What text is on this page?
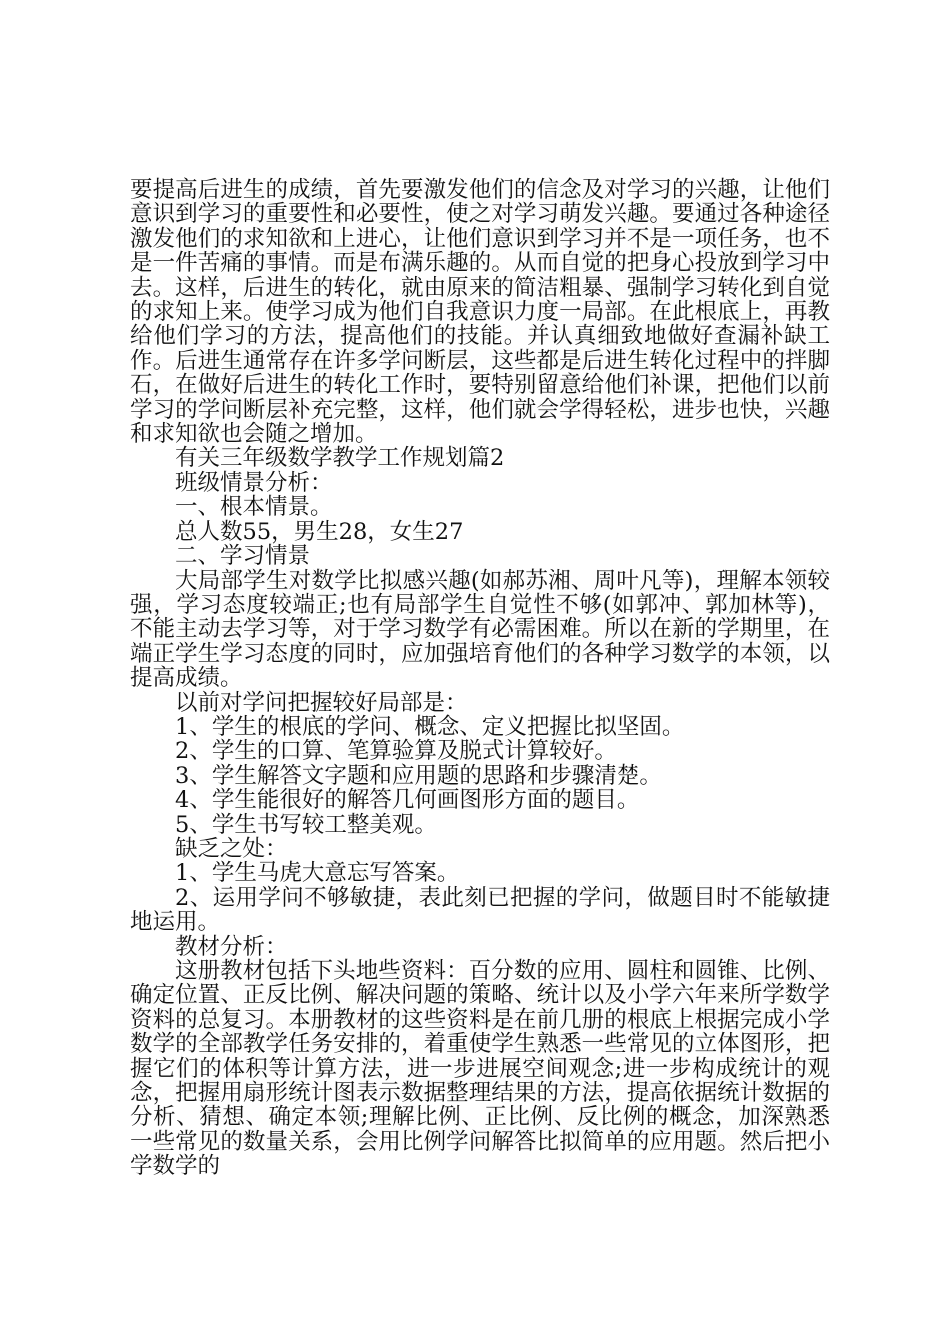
要提高后进生的成绩，首先要激发他们的信念及对学习的兴趣，让他们意识到学习的重要性和必要性，使之对学习萌发兴趣。要通过各种途径激发他们的求知欲和上进心，让他们意识到学习并不是一项任务，也不是一件苦痛的事情。而是布满乐趣的。从而自觉的把身心投放到学习中去。这样，后进生的转化，就由原来的简洁粗暴、强制学习转化到自觉的求知上来。使学习成为他们自我意识力度一局部。在此根底上，再教给他们学习的方法，提高他们的技能。并认真细致地做好查漏补缺工作。后进生通常存在许多学问断层，这些都是后进生转化过程中的拌脚石，在做好后进生的转化工作时，要特别留意给他们补课，把他们以前学习的学问断层补充完整，这样，他们就会学得轻松，进步也快，兴趣和求知欲也会随之增加。

有关三年级数学教学工作规划篇2

班级情景分析：

一、根本情景。

总人数55，男生28，女生27

二、学习情景

大局部学生对数学比拟感兴趣(如郝苏湘、周叶凡等)，理解本领较强，学习态度较端正;也有局部学生自觉性不够(如郭冲、郭加林等)，不能主动去学习等，对于学习数学有必需困难。所以在新的学期里，在端正学生学习态度的同时，应加强培育他们的各种学习数学的本领，以提高成绩。

以前对学问把握较好局部是：

1、学生的根底的学问、概念、定义把握比拟坚固。

2、学生的口算、笔算验算及脱式计算较好。

3、学生解答文字题和应用题的思路和步骤清楚。

4、学生能很好的解答几何画图形方面的题目。

5、学生书写较工整美观。

缺乏之处：

1、学生马虎大意忘写答案。

2、运用学问不够敏捷，表此刻已把握的学问，做题目时不能敏捷地运用。

教材分析：

这册教材包括下头地些资料：百分数的应用、圆柱和圆锥、比例、确定位置、正反比例、解决问题的策略、统计以及小学六年来所学数学资料的总复习。本册教材的这些资料是在前几册的根底上根据完成小学数学的全部教学任务安排的，着重使学生熟悉一些常见的立体图形，把握它们的体积等计算方法，进一步进展空间观念;进一步构成统计的观念，把握用扇形统计图表示数据整理结果的方法，提高依据统计数据的分析、猜想、确定本领;理解比例、正比例、反比例的概念，加深熟悉一些常见的数量关系，会用比例学问解答比拟简单的应用题。然后把小学数学的
